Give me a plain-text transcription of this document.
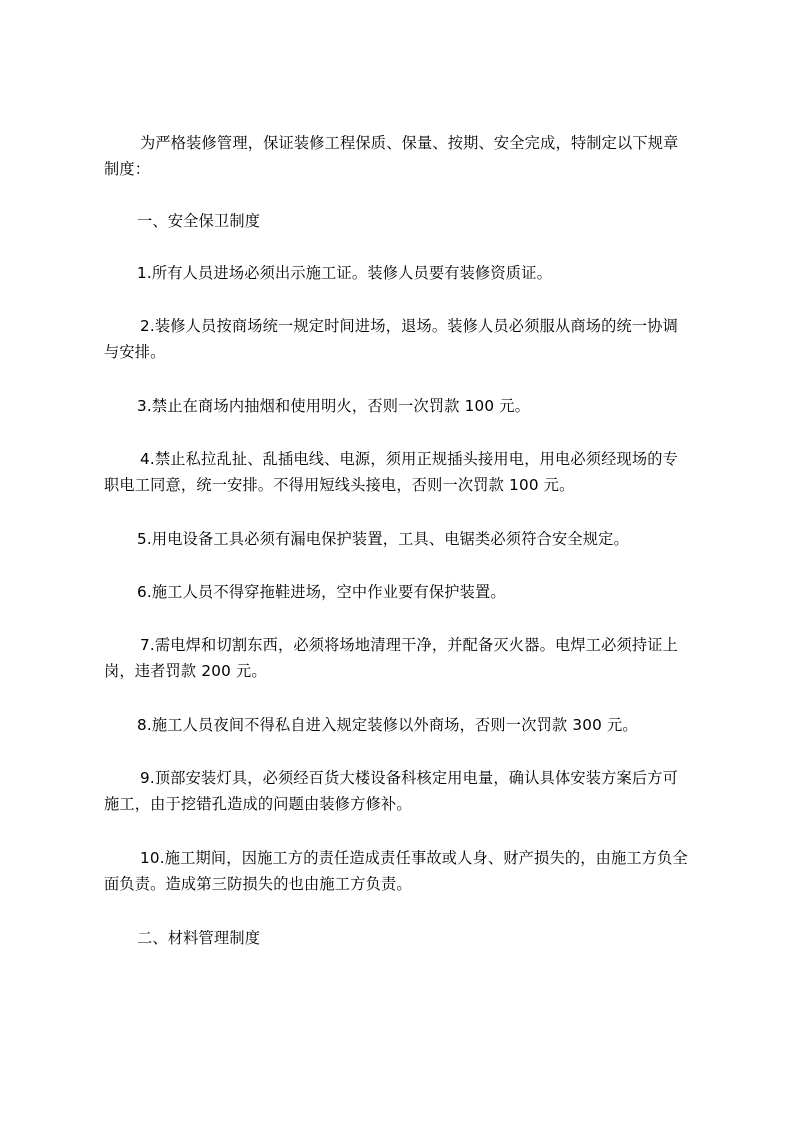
为严格装修管理，保证装修工程保质、保量、按期、安全完成，特制定以下规章
制度：
一、安全保卫制度
1.所有人员进场必须出示施工证。装修人员要有装修资质证。
2.装修人员按商场统一规定时间进场，退场。装修人员必须服从商场的统一协调
与安排。
3.禁止在商场内抽烟和使用明火，否则一次罚款 100 元。
4.禁止私拉乱扯、乱插电线、电源，须用正规插头接用电，用电必须经现场的专
职电工同意，统一安排。不得用短线头接电，否则一次罚款 100 元。
5.用电设备工具必须有漏电保护装置，工具、电锯类必须符合安全规定。
6.施工人员不得穿拖鞋进场，空中作业要有保护装置。
7.需电焊和切割东西，必须将场地清理干净，并配备灭火器。电焊工必须持证上
岗，违者罚款 200 元。
8.施工人员夜间不得私自进入规定装修以外商场，否则一次罚款 300 元。
9.顶部安装灯具，必须经百货大楼设备科核定用电量，确认具体安装方案后方可
施工，由于挖错孔造成的问题由装修方修补。
10.施工期间，因施工方的责任造成责任事故或人身、财产损失的，由施工方负全
面负责。造成第三防损失的也由施工方负责。
二、材料管理制度
